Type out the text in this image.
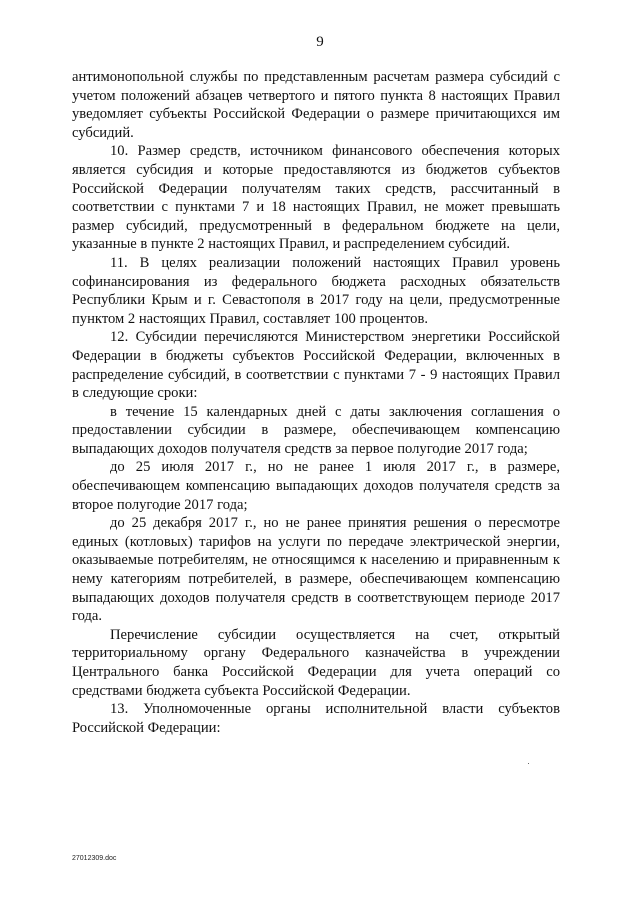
9

антимонопольной службы по представленным расчетам размера субсидий с учетом положений абзацев четвертого и пятого пункта 8 настоящих Правил уведомляет субъекты Российской Федерации о размере причитающихся им субсидий.

10. Размер средств, источником финансового обеспечения которых является субсидия и которые предоставляются из бюджетов субъектов Российской Федерации получателям таких средств, рассчитанный в соответствии с пунктами 7 и 18 настоящих Правил, не может превышать размер субсидий, предусмотренный в федеральном бюджете на цели, указанные в пункте 2 настоящих Правил, и распределением субсидий.

11. В целях реализации положений настоящих Правил уровень софинансирования из федерального бюджета расходных обязательств Республики Крым и г. Севастополя в 2017 году на цели, предусмотренные пунктом 2 настоящих Правил, составляет 100 процентов.

12. Субсидии перечисляются Министерством энергетики Российской Федерации в бюджеты субъектов Российской Федерации, включенных в распределение субсидий, в соответствии с пунктами 7 - 9 настоящих Правил в следующие сроки:

в течение 15 календарных дней с даты заключения соглашения о предоставлении субсидии в размере, обеспечивающем компенсацию выпадающих доходов получателя средств за первое полугодие 2017 года;

до 25 июля 2017 г., но не ранее 1 июля 2017 г., в размере, обеспечивающем компенсацию выпадающих доходов получателя средств за второе полугодие 2017 года;

до 25 декабря 2017 г., но не ранее принятия решения о пересмотре единых (котловых) тарифов на услуги по передаче электрической энергии, оказываемые потребителям, не относящимся к населению и приравненным к нему категориям потребителей, в размере, обеспечивающем компенсацию выпадающих доходов получателя средств в соответствующем периоде 2017 года.

Перечисление субсидии осуществляется на счет, открытый территориальному органу Федерального казначейства в учреждении Центрального банка Российской Федерации для учета операций со средствами бюджета субъекта Российской Федерации.

13. Уполномоченные органы исполнительной власти субъектов Российской Федерации:

27012309.doc
